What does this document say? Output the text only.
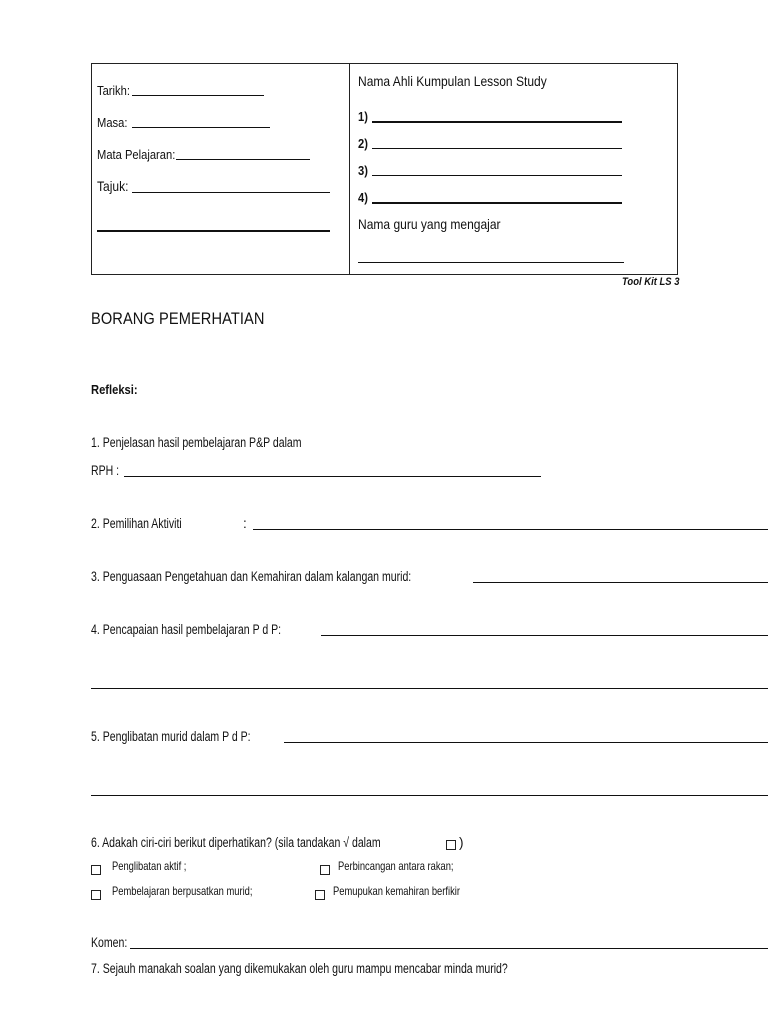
Tarikh:
Masa:
Mata Pelajaran:
Tajuk:
Nama Ahli Kumpulan Lesson Study
1)
2)
3)
4)
Nama guru yang mengajar
Tool Kit LS 3
BORANG PEMERHATIAN
Refleksi:
1. Penjelasan hasil pembelajaran P&P dalam
RPH :
2. Pemilihan Aktiviti	:
3. Penguasaan Pengetahuan dan Kemahiran dalam kalangan murid:
4. Pencapaian hasil pembelajaran P d P:
5. Penglibatan murid dalam P d P:
6. Adakah ciri-ciri berikut diperhatikan? (sila tandakan √ dalam	)
Penglibatan aktif ;	Perbincangan antara rakan;
Pembelajaran berpusatkan murid;	Pemupukan kemahiran berfikir
Komen:
7. Sejauh manakah soalan yang dikemukakan oleh guru mampu mencabar minda murid?
